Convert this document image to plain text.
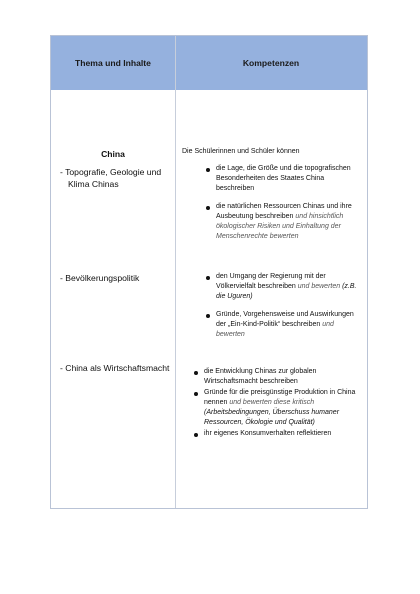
Thema und Inhalte	Kompetenzen
China
- Topografie, Geologie und Klima Chinas
- Bevölkerungspolitik
- China als Wirtschaftsmacht
Die Schülerinnen und Schüler können
die Lage, die Größe und die topografischen Besonderheiten des Staates China beschreiben
die natürlichen Ressourcen Chinas und ihre Ausbeutung beschreiben und hinsichtlich ökologischer Risiken und Einhaltung der Menschenrechte bewerten
den Umgang der Regierung mit der Völkervielfalt beschreiben und bewerten (z.B. die Uguren)
Gründe, Vorgehensweise und Auswirkungen der „Ein-Kind-Politik“ beschreiben und bewerten
die Entwicklung Chinas zur globalen Wirtschaftsmacht beschreiben
Gründe für die preisgünstige Produktion in China nennen und bewerten diese kritisch (Arbeitsbedingungen, Überschuss humaner Ressourcen, Ökologie und Qualität)
ihr eigenes Konsumverhalten reflektieren
